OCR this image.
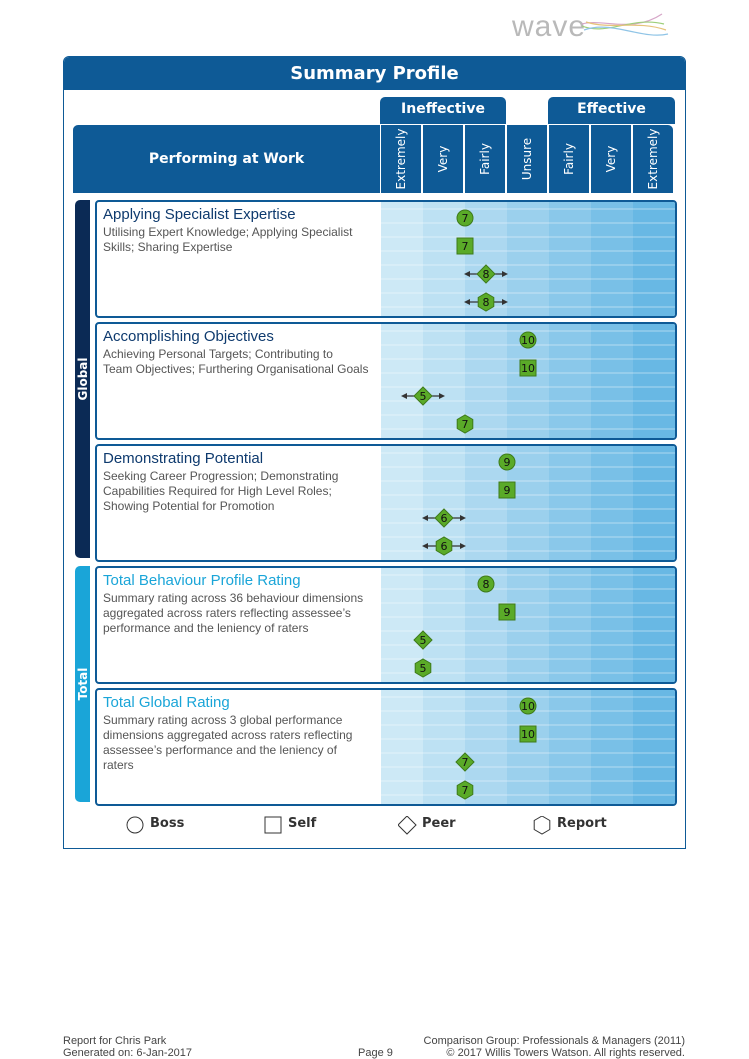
wave
Summary Profile
Ineffective	Effective
Performing at Work	Extremely Very Fairly Unsure Fairly Very Extremely
Global
Total
Applying Specialist Expertise
Utilising Expert Knowledge; Applying Specialist
Skills; Sharing Expertise
7
7
8
8
Accomplishing Objectives
Achieving Personal Targets; Contributing to
Team Objectives; Furthering Organisational Goals
10
10
5
7
Demonstrating Potential
Seeking Career Progression; Demonstrating
Capabilities Required for High Level Roles;
Showing Potential for Promotion
9
9
6
6
Total Behaviour Profile Rating
Summary rating across 36 behaviour dimensions
aggregated across raters reflecting assessee’s
performance and the leniency of raters
8
9
5
5
Total Global Rating
Summary rating across 3 global performance
dimensions aggregated across raters reflecting
assessee’s performance and the leniency of
raters
10
10
7
7
Boss	Self	Peer	Report
Report for Chris Park
Generated on: 6-Jan-2017	Page 9
Comparison Group: Professionals & Managers (2011)
© 2017 Willis Towers Watson. All rights reserved.
